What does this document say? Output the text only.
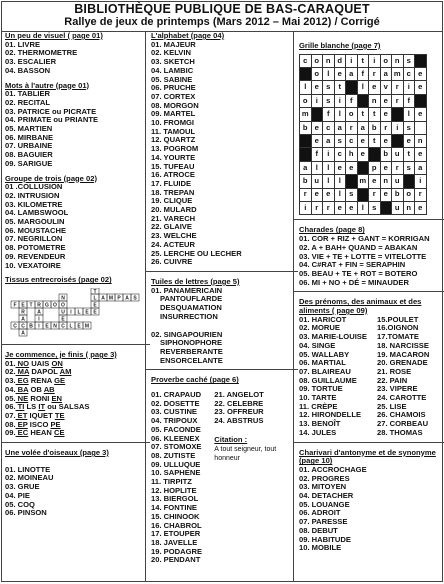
BIBLIOTHÈQUE PUBLIQUE DE BAS-CARAQUET
Rallye de jeux de printemps (Mars 2012 – Mai 2012) / Corrigé
Un peu de visuel ( page 01)
01. LIVRE
02. THERMOMETRE
03. ESCALIER
04. BASSON
Mots à l'autre (page 01)
01. TABLIER
02. RECITAL
03. PATRICE ou PICRATE
04. PRIMATE ou PRIANTE
05. MARTIEN
06. MIRBANE
07. URBAINE
08. BAGUIER
09. SARIGUE
Groupe de trois (page 02)
01 .COLLUSION
02. INTRUSION
03. KILOMETRE
04. LAMBSWOOL
05. MARGOULIN
06. MOUSTACHE
07. NEGRILLON
08. POTOMETRE
09. REVENDEUR
10. VEXATOIRE
Tissus entrecroisés (page 02)
T
L A M P A S
E
E
N
O
U
E
F E T R G O
I L E
R
A
C
A
A
I
I
C B	E N C L E M
Je commence, je finis ( page 3)
01. NO UAIS ON
02. MA DAPOL AM
03. EG RENA GE
04. BA OB AB
05. NE RONI EN
06. TI LS IT ou SALSAS
07. ET IQUET TE
08. EP ISCO PE
09. EC HEAN CE
Une volée d'oiseaux (page 3)
01. LINOTTE
02. MOINEAU
03. GRUE
04. PIE
05. COQ
06. PINSON
L'alphabet (page 04)
01. MAJEUR
02. KELVIN
03. SKETCH
04. LAMBIC
05. SABINE
06. PRUCHE
07. CORTEX
08. MORGON
09. MARTEL
10. FROMGI
11. TAMOUL
12. QUARTZ
13. POGROM
14. YOURTE
15. TUFEAU
16. ATROCE
17. FLUIDE
18. TREPAN
19. CLIQUE
20. MULARD
21. VARECH
22. GLAIVE
23. WELCHE
24. ACTEUR
25. LERCHE OU LECHER
26. CUIVRE
Tuiles de lettres (page 5)
01. PANAMERICAIN
PANTOUFLARDE
DESQUAMATION
INSURRECTION
02. SINGAPOURIEN
SIPHONOPHORE
REVERBERANTE
ENSORCELANTE
Proverbe caché (page 6)
01. CRAPAUD
02. DOSETTE
03. CUSTINE
04. TRIPOUX
05. FACONDE
06. KLEENEX
07. STOMOXE
08. ZUTISTE
09. ULLUQUE
10. SAPHENE
11. TIRPITZ
12. HOPLITE
13. BIERGOL
14. FONTINE
15. CHINOOK
16. CHABROL
17. ETOUPER
18. JAVELLE
19. PODAGRE
20. PENDANT
21. ANGELOT
22. CELEBRE
23. OFFREUR
24. ABSTRUS
Citation :
A tout seigneur, tout honneur
Grille blanche (page 7)
c	o	n	d	i	t	i	o	n	s	
	o	l	e	a	f	r	a	m	c	e
l	e	s	t		l	e	v	r	i	e
o	i	s	i	f		n	e	r	f	
m		f	l	o	t	t	e		l	e
b	e	c	a	r	a	b	r	i	s	
	e	a	s	c	e	t	e		e	n
	f	i	c	h	e		b	u	t	e
a	l	l	e	e		p	e	r	s	a
b	u	l	l		m	e	n	u		i
r	e	e	l	s		r	e	b	o	r
i	r	r	e	e	l	s		u	n	e
Charades (page 8)
01. COR + RIZ + GANT = KORRIGAN
02. A + BAH+ QUAND = ABAKAN
03. VIE + TE + LOTTE = VITELOTTE
04. C#RAT + FIN = SERAPHIN
05. BEAU + TE + ROT = BOTERO
06. MI + NO + DÉ = MINAUDER
Des prénoms, des animaux et des aliments ( page 09)
01. HARICOT
02. MORUE
03. MARIE-LOUISE
04. SINGE
05. WALLABY
06. MARTIAL
07. BLAIREAU
08. GUILLAUME
09. TORTUE
10. TARTE
11. CRÈPE
12. HIRONDELLE
13. BENOÎT
14. JULES
15.POULET
16.OIGNON
17.TOMATE
18. NARCISSE
19. MACARON
20. GRENADE
21. ROSE
22. PAIN
23. VIPERE
24. CAROTTE
25. LISE
26. CHAMOIS
27. CORBEAU
28. THOMAS
Charivari d'antonyme et de synonyme (page 10)
01. ACCROCHAGE
02. PROGRES
03. MITOYEN
04. DETACHER
05. LOUANGE
06. ADROIT
07. PARESSE
08. DEBUT
09. HABITUDE
10. MOBILE
